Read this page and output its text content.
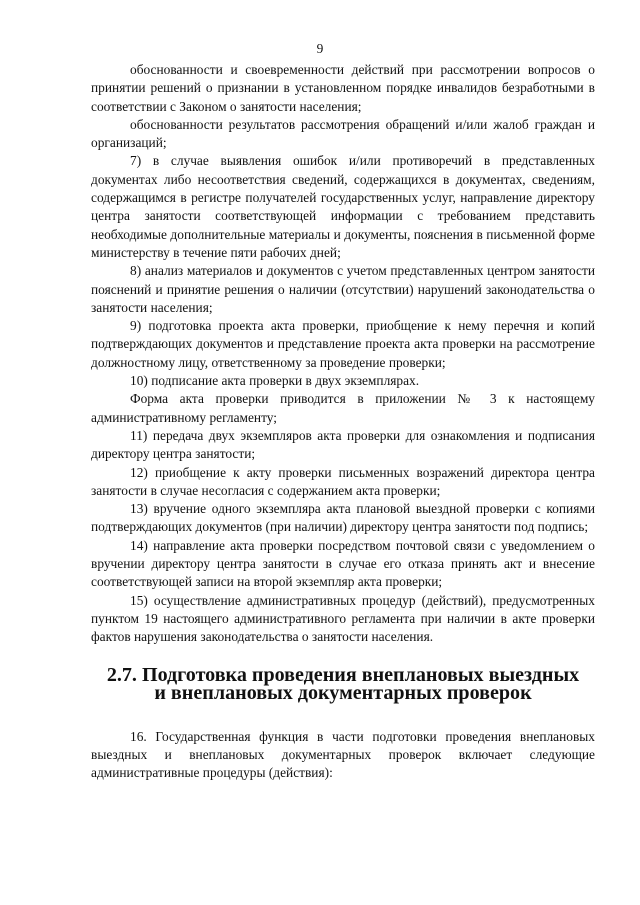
9

обоснованности и своевременности действий при рассмотрении вопросов о принятии решений о признании в установленном порядке инвалидов безработными в соответствии с Законом о занятости населения;

обоснованности результатов рассмотрения обращений и/или жалоб граждан и организаций;

7) в случае выявления ошибок и/или противоречий в представленных документах либо несоответствия сведений, содержащихся в документах, сведениям, содержащимся в регистре получателей государственных услуг, направление директору центра занятости соответствующей информации с требованием представить необходимые дополнительные материалы и документы, пояснения в письменной форме министерству в течение пяти рабочих дней;

8) анализ материалов и документов с учетом представленных центром занятости пояснений и принятие решения о наличии (отсутствии) нарушений законодательства о занятости населения;

9) подготовка проекта акта проверки, приобщение к нему перечня и копий подтверждающих документов и представление проекта акта проверки на рассмотрение должностному лицу, ответственному за проведение проверки;

10) подписание акта проверки в двух экземплярах.

Форма акта проверки приводится в приложении № 3 к настоящему административному регламенту;

11) передача двух экземпляров акта проверки для ознакомления и подписания директору центра занятости;

12) приобщение к акту проверки письменных возражений директора центра занятости в случае несогласия с содержанием акта проверки;

13) вручение одного экземпляра акта плановой выездной проверки с копиями подтверждающих документов (при наличии) директору центра занятости под подпись;

14) направление акта проверки посредством почтовой связи с уведомлением о вручении директору центра занятости в случае его отказа принять акт и внесение соответствующей записи на второй экземпляр акта проверки;

15) осуществление административных процедур (действий), предусмотренных пунктом 19 настоящего административного регламента при наличии в акте проверки фактов нарушения законодательства о занятости населения.

2.7. Подготовка проведения внеплановых выездных
и внеплановых документарных проверок

16. Государственная функция в части подготовки проведения внеплановых выездных и внеплановых документарных проверок включает следующие административные процедуры (действия):
